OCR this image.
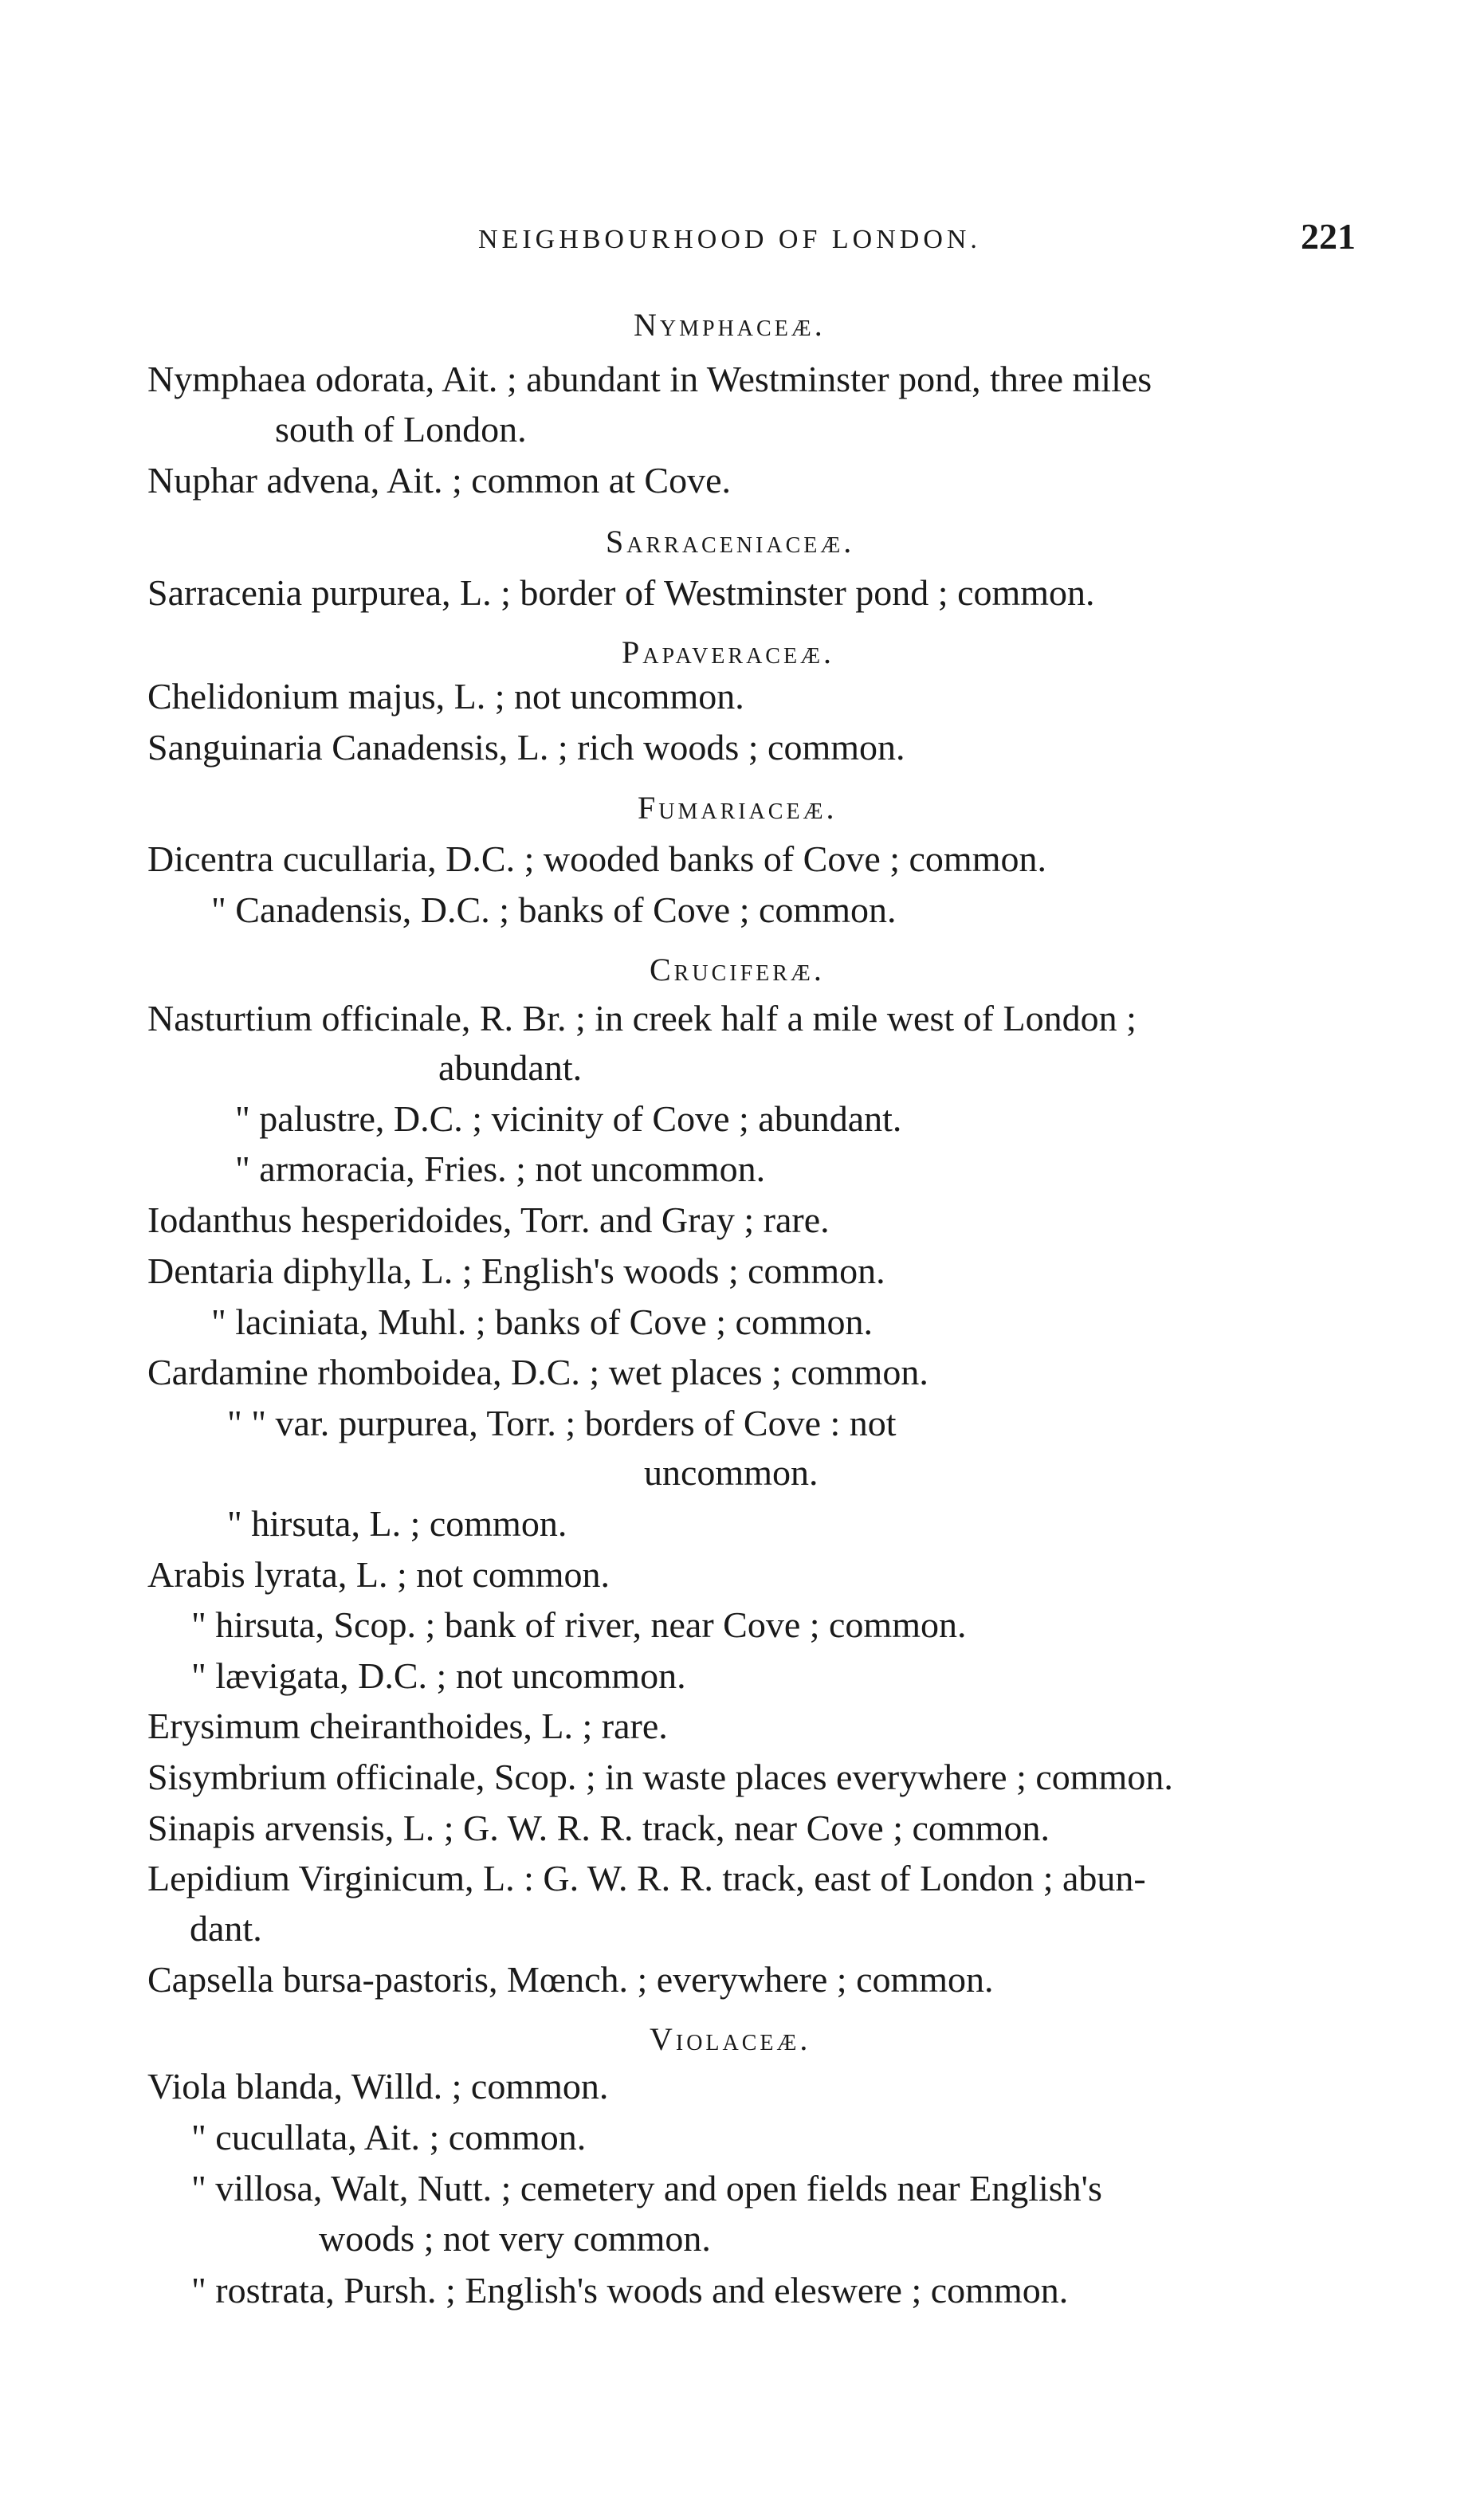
NEIGHBOURHOOD OF LONDON.	221
Nymphaceæ.
Nymphaea odorata, Ait. ; abundant in Westminster pond, three miles
south of London.
Nuphar advena, Ait. ; common at Cove.
Sarraceniaceæ.
Sarracenia purpurea, L. ; border of Westminster pond ; common.
Papaveraceæ.
Chelidonium majus, L. ; not uncommon.
Sanguinaria Canadensis, L. ; rich woods ; common.
Fumariaceæ.
Dicentra cucullaria, D.C. ; wooded banks of Cove ; common.
" Canadensis, D.C. ; banks of Cove ; common.
Cruciferæ.
Nasturtium officinale, R. Br. ; in creek half a mile west of London ;
abundant.
" palustre, D.C. ; vicinity of Cove ; abundant.
" armoracia, Fries. ; not uncommon.
Iodanthus hesperidoides, Torr. and Gray ; rare.
Dentaria diphylla, L. ; English's woods ; common.
" laciniata, Muhl. ; banks of Cove ; common.
Cardamine rhomboidea, D.C. ; wet places ; common.
" " var. purpurea, Torr. ; borders of Cove : not
uncommon.
" hirsuta, L. ; common.
Arabis lyrata, L. ; not common.
" hirsuta, Scop. ; bank of river, near Cove ; common.
" lævigata, D.C. ; not uncommon.
Erysimum cheiranthoides, L. ; rare.
Sisymbrium officinale, Scop. ; in waste places everywhere ; common.
Sinapis arvensis, L. ; G. W. R. R. track, near Cove ; common.
Lepidium Virginicum, L. : G. W. R. R. track, east of London ; abun-
dant.
Capsella bursa-pastoris, Mœnch. ; everywhere ; common.
Violaceæ.
Viola blanda, Willd. ; common.
" cucullata, Ait. ; common.
" villosa, Walt, Nutt. ; cemetery and open fields near English's
woods ; not very common.
" rostrata, Pursh. ; English's woods and eleswere ; common.
